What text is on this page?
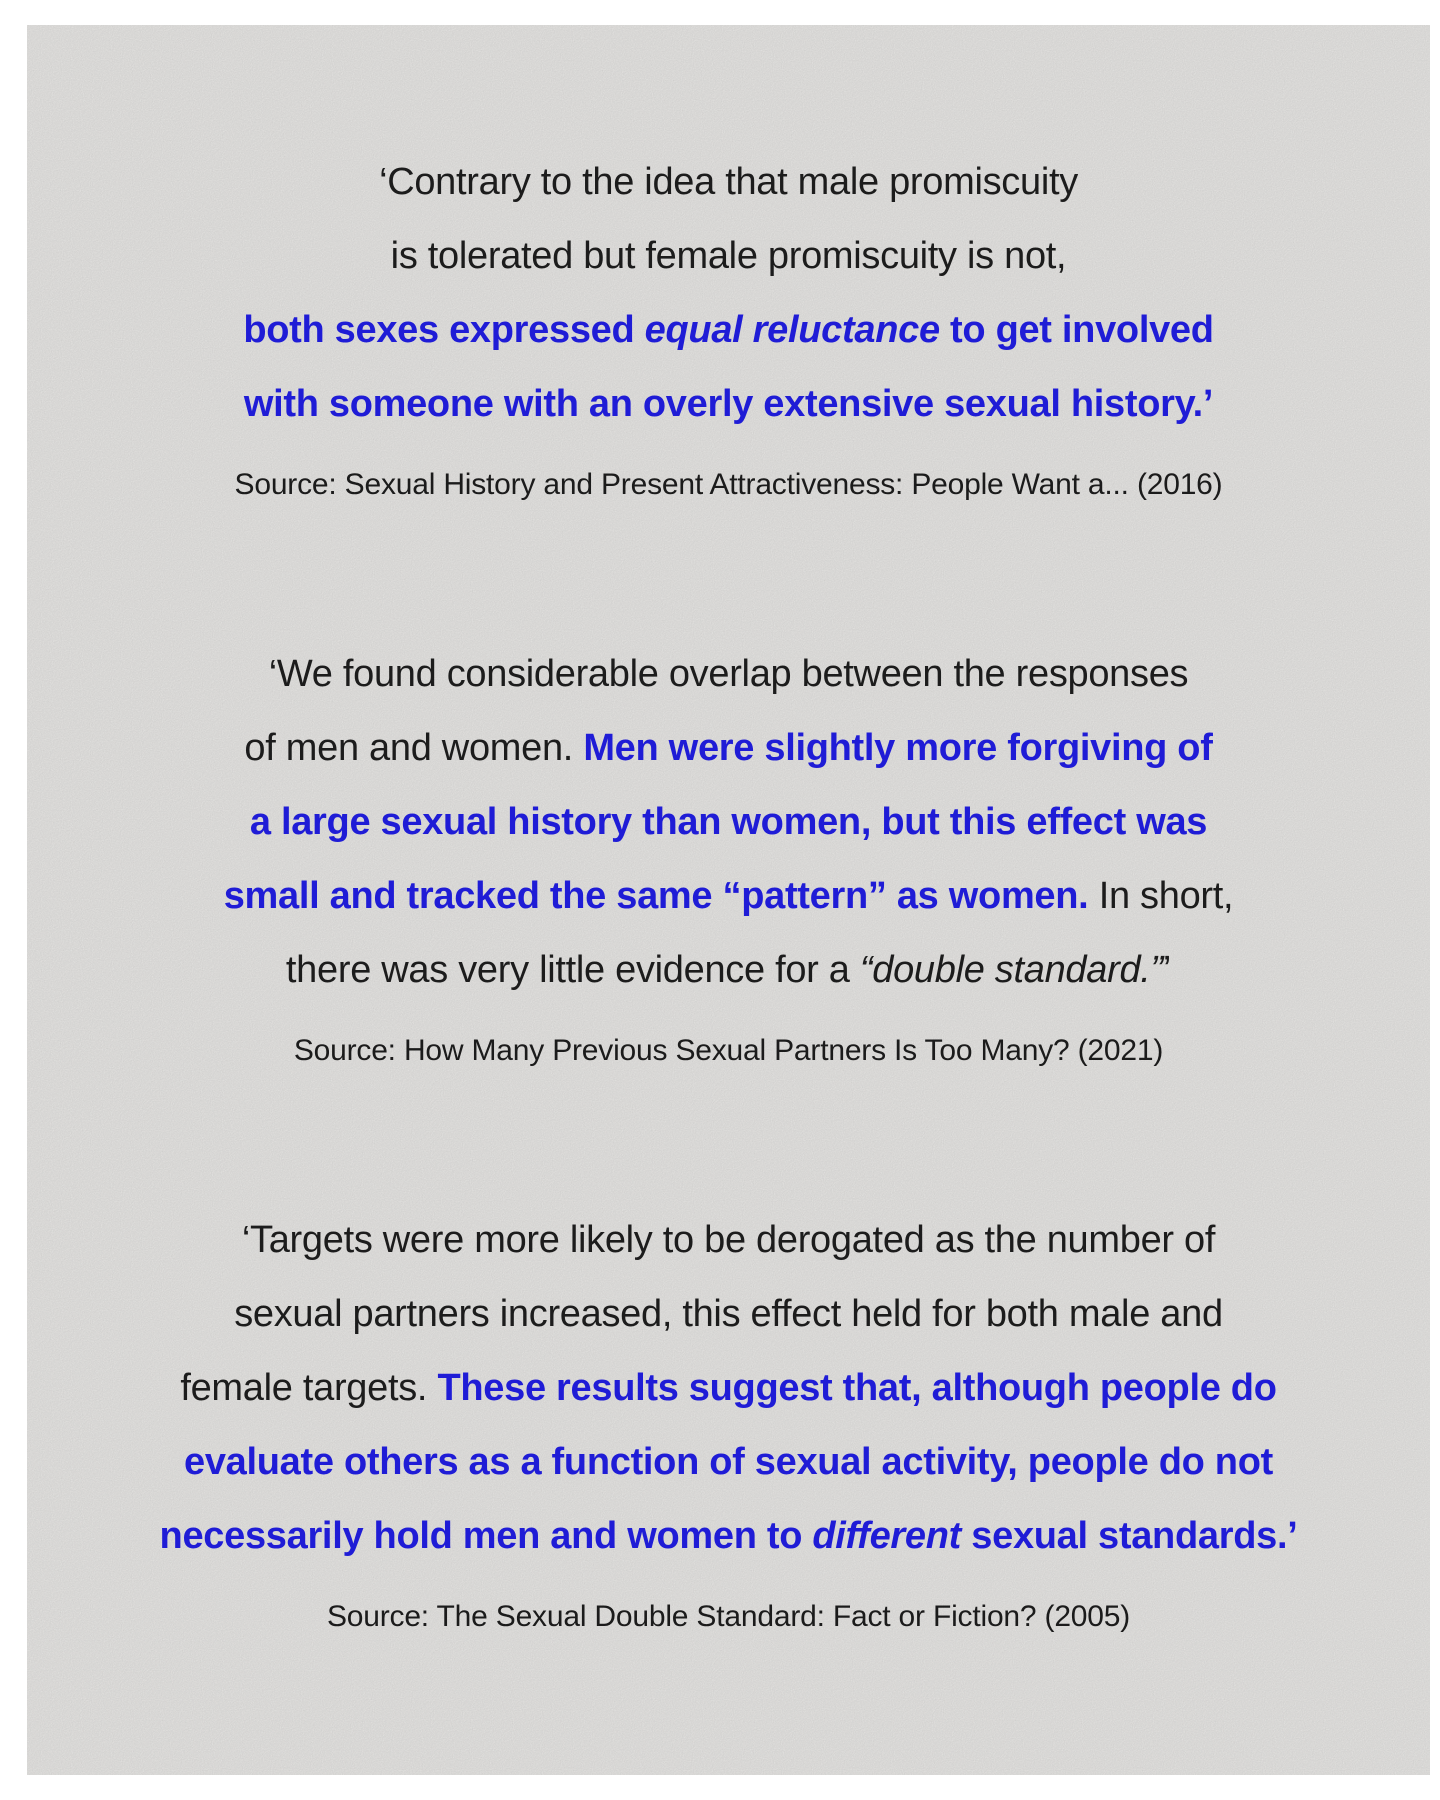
‘Contrary to the idea that male promiscuity
is tolerated but female promiscuity is not,
both sexes expressed equal reluctance to get involved
with someone with an overly extensive sexual history.’
Source: Sexual History and Present Attractiveness: People Want a... (2016)
‘We found considerable overlap between the responses
of men and women. Men were slightly more forgiving of
a large sexual history than women, but this effect was
small and tracked the same “pattern” as women. In short,
there was very little evidence for a “double standard.”’
Source: How Many Previous Sexual Partners Is Too Many? (2021)
‘Targets were more likely to be derogated as the number of
sexual partners increased, this effect held for both male and
female targets. These results suggest that, although people do
evaluate others as a function of sexual activity, people do not
necessarily hold men and women to different sexual standards.’
Source: The Sexual Double Standard: Fact or Fiction? (2005)
